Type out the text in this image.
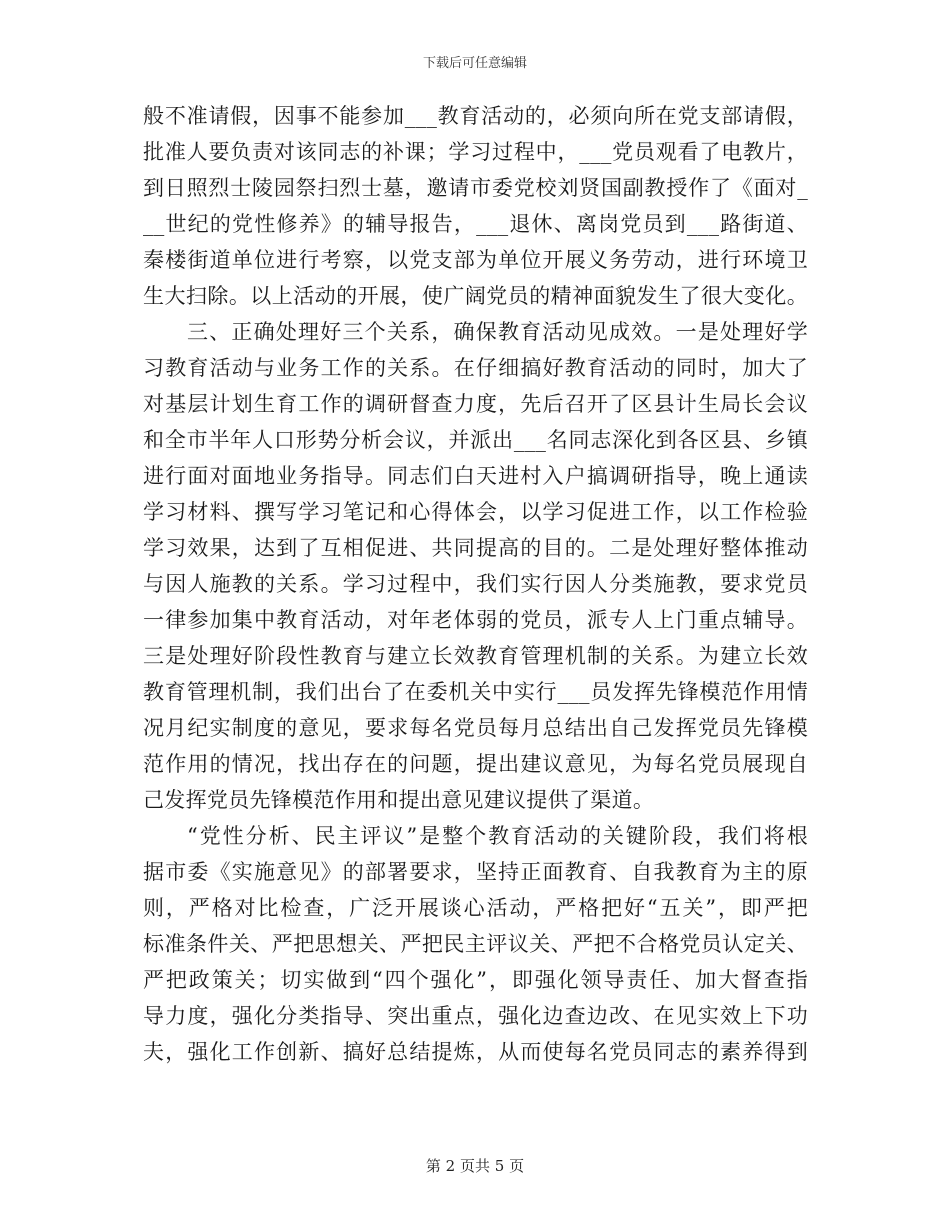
下载后可任意编辑
般不准请假，因事不能参加___教育活动的，必须向所在党支部请假，
批准人要负责对该同志的补课；学习过程中，___党员观看了电教片，
到日照烈士陵园祭扫烈士墓，邀请市委党校刘贤国副教授作了《面对_
__世纪的党性修养》的辅导报告，___退休、离岗党员到___路街道、
秦楼街道单位进行考察，以党支部为单位开展义务劳动，进行环境卫
生大扫除。以上活动的开展，使广阔党员的精神面貌发生了很大变化。
三、正确处理好三个关系，确保教育活动见成效。一是处理好学
习教育活动与业务工作的关系。在仔细搞好教育活动的同时，加大了
对基层计划生育工作的调研督查力度，先后召开了区县计生局长会议
和全市半年人口形势分析会议，并派出___名同志深化到各区县、乡镇
进行面对面地业务指导。同志们白天进村入户搞调研指导，晚上通读
学习材料、撰写学习笔记和心得体会，以学习促进工作，以工作检验
学习效果，达到了互相促进、共同提高的目的。二是处理好整体推动
与因人施教的关系。学习过程中，我们实行因人分类施教，要求党员
一律参加集中教育活动，对年老体弱的党员，派专人上门重点辅导。
三是处理好阶段性教育与建立长效教育管理机制的关系。为建立长效
教育管理机制，我们出台了在委机关中实行___员发挥先锋模范作用情
况月纪实制度的意见，要求每名党员每月总结出自己发挥党员先锋模
范作用的情况，找出存在的问题，提出建议意见，为每名党员展现自
己发挥党员先锋模范作用和提出意见建议提供了渠道。
“党性分析、民主评议”是整个教育活动的关键阶段，我们将根
据市委《实施意见》的部署要求，坚持正面教育、自我教育为主的原
则，严格对比检查，广泛开展谈心活动，严格把好“五关”，即严把
标准条件关、严把思想关、严把民主评议关、严把不合格党员认定关、
严把政策关；切实做到“四个强化”，即强化领导责任、加大督查指
导力度，强化分类指导、突出重点，强化边查边改、在见实效上下功
夫，强化工作创新、搞好总结提炼，从而使每名党员同志的素养得到
第 2 页共 5 页
